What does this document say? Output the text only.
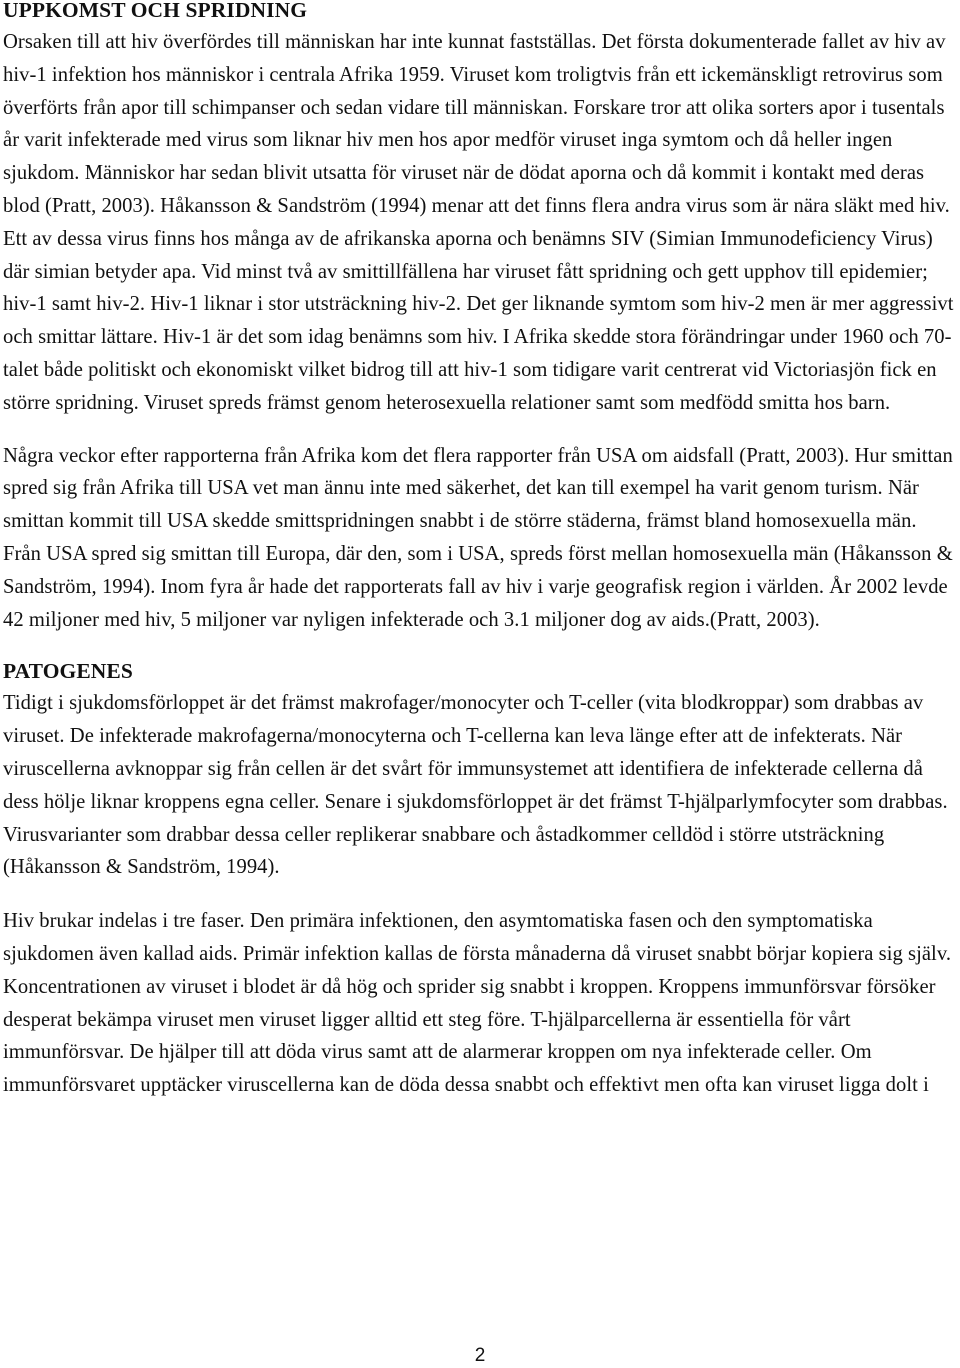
UPPKOMST OCH SPRIDNING

Orsaken till att hiv överfördes till människan har inte kunnat fastställas. Det första dokumenterade fallet av hiv av hiv-1 infektion hos människor i centrala Afrika 1959. Viruset kom troligtvis från ett ickemänskligt retrovirus som överförts från apor till schimpanser och sedan vidare till människan. Forskare tror att olika sorters apor i tusentals år varit infekterade med virus som liknar hiv men hos apor medför viruset inga symtom och då heller ingen sjukdom. Människor har sedan blivit utsatta för viruset när de dödat aporna och då kommit i kontakt med deras blod (Pratt, 2003). Håkansson & Sandström (1994) menar att det finns flera andra virus som är nära släkt med hiv. Ett av dessa virus finns hos många av de afrikanska aporna och benämns SIV (Simian Immunodeficiency Virus) där simian betyder apa. Vid minst två av smittillfällena har viruset fått spridning och gett upphov till epidemier; hiv-1 samt hiv-2. Hiv-1 liknar i stor utsträckning hiv-2. Det ger liknande symtom som hiv-2 men är mer aggressivt och smittar lättare. Hiv-1 är det som idag benämns som hiv. I Afrika skedde stora förändringar under 1960 och 70-talet både politiskt och ekonomiskt vilket bidrog till att hiv-1 som tidigare varit centrerat vid Victoriasjön fick en större spridning. Viruset spreds främst genom heterosexuella relationer samt som medfödd smitta hos barn.

Några veckor efter rapporterna från Afrika kom det flera rapporter från USA om aidsfall (Pratt, 2003). Hur smittan spred sig från Afrika till USA vet man ännu inte med säkerhet, det kan till exempel ha varit genom turism. När smittan kommit till USA skedde smittspridningen snabbt i de större städerna, främst bland homosexuella män. Från USA spred sig smittan till Europa, där den, som i USA, spreds först mellan homosexuella män (Håkansson & Sandström, 1994). Inom fyra år hade det rapporterats fall av hiv i varje geografisk region i världen. År 2002 levde 42 miljoner med hiv, 5 miljoner var nyligen infekterade och 3.1 miljoner dog av aids.(Pratt, 2003).

PATOGENES

Tidigt i sjukdomsförloppet är det främst makrofager/monocyter och T-celler (vita blodkroppar) som drabbas av viruset. De infekterade makrofagerna/monocyterna och T-cellerna kan leva länge efter att de infekterats. När viruscellerna avknoppar sig från cellen är det svårt för immunsystemet att identifiera de infekterade cellerna då dess hölje liknar kroppens egna celler. Senare i sjukdomsförloppet är det främst T-hjälparlymfocyter som drabbas. Virusvarianter som drabbar dessa celler replikerar snabbare och åstadkommer celldöd i större utsträckning (Håkansson & Sandström, 1994).

Hiv brukar indelas i tre faser. Den primära infektionen, den asymtomatiska fasen och den symptomatiska sjukdomen även kallad aids. Primär infektion kallas de första månaderna då viruset snabbt börjar kopiera sig själv. Koncentrationen av viruset i blodet är då hög och sprider sig snabbt i kroppen. Kroppens immunförsvar försöker desperat bekämpa viruset men viruset ligger alltid ett steg före. T-hjälparcellerna är essentiella för vårt immunförsvar. De hjälper till att döda virus samt att de alarmerar kroppen om nya infekterade celler. Om immunförsvaret upptäcker viruscellerna kan de döda dessa snabbt och effektivt men ofta kan viruset ligga dolt i

2
